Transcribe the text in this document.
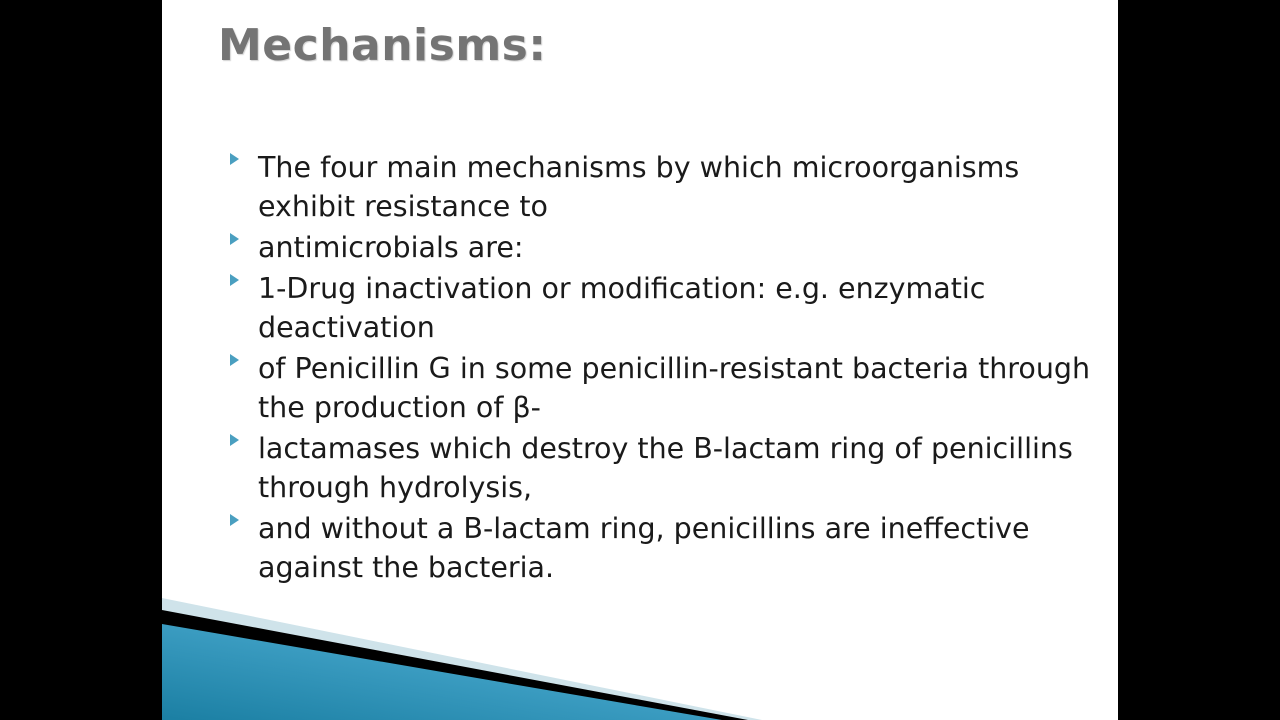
Mechanisms:
The four main mechanisms by which microorganisms exhibit resistance to
antimicrobials are:
1-Drug inactivation or modification: e.g. enzymatic deactivation
of Penicillin G in some penicillin-resistant bacteria through the production of β-
lactamases which destroy the B-lactam ring of penicillins through hydrolysis,
and without a B-lactam ring, penicillins are ineffective against the bacteria.
